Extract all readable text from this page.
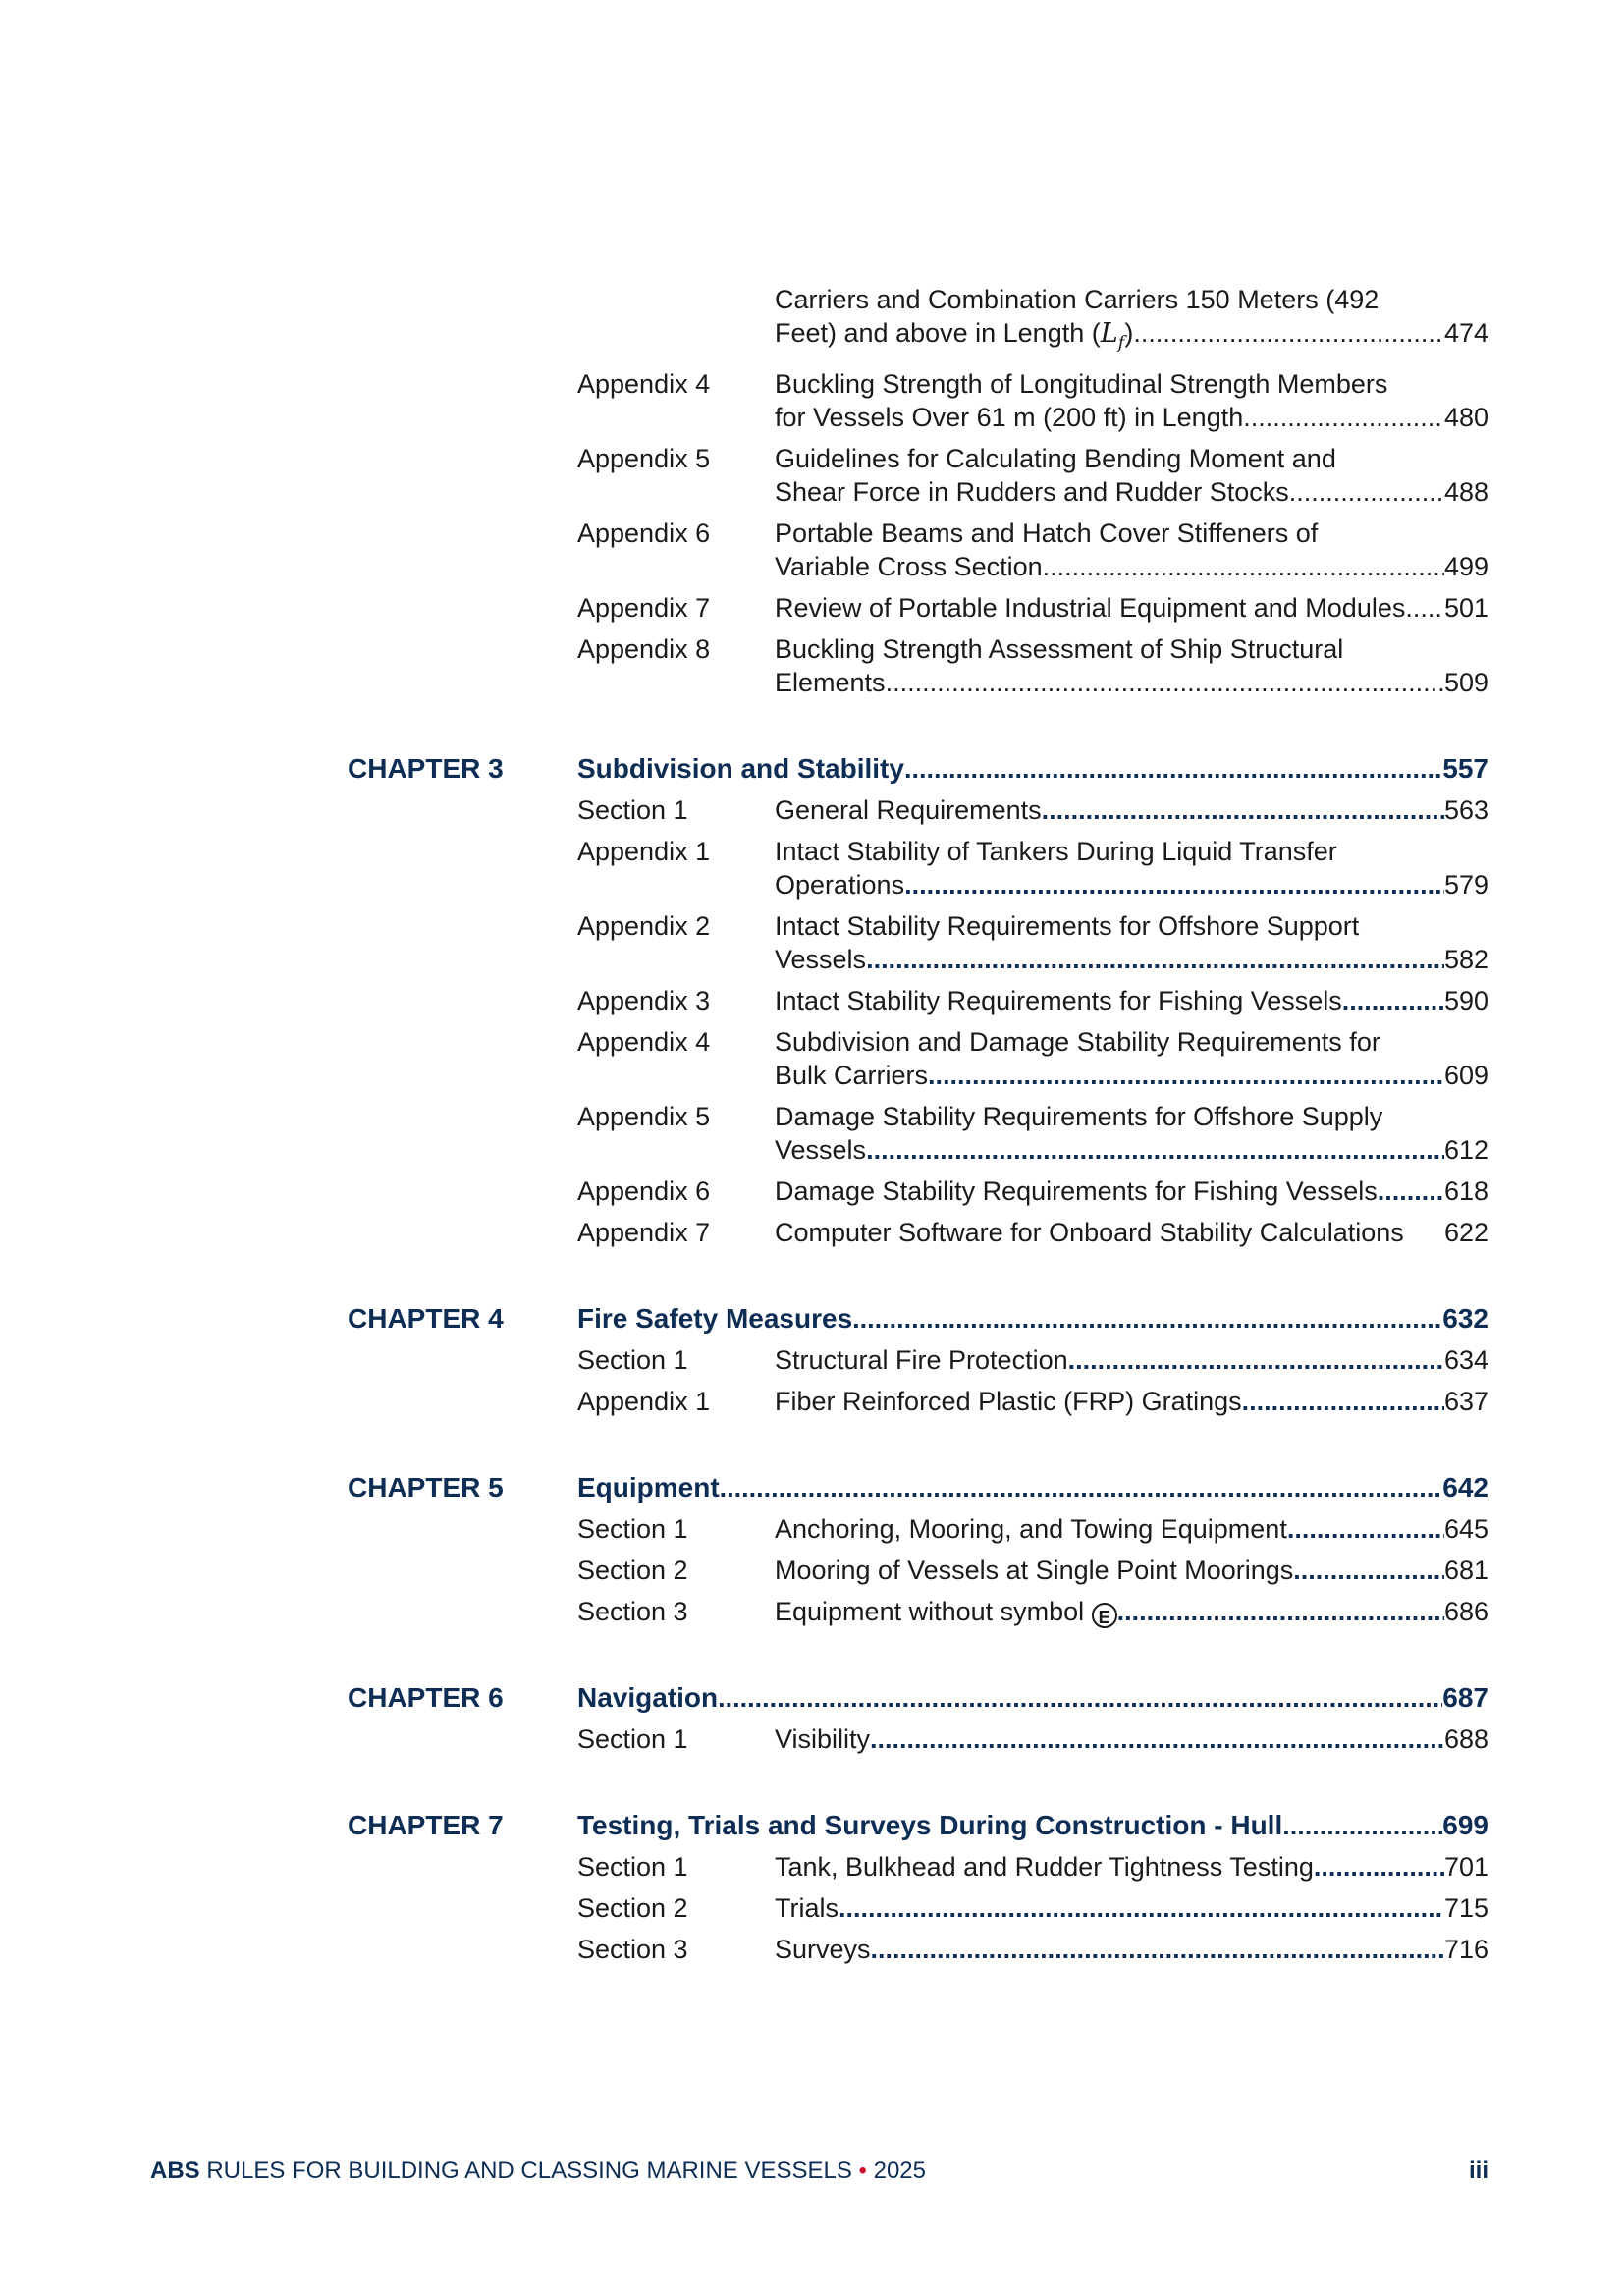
Carriers and Combination Carriers 150 Meters (492
Feet) and above in Length ( $L_f$ ) .....	474
Appendix 4	Buckling Strength of Longitudinal Strength Members
for Vessels Over 61 m (200 ft) in Length .....	480
Appendix 5	Guidelines for Calculating Bending Moment and
Shear Force in Rudders and Rudder Stocks .....	488
Appendix 6	Portable Beams and Hatch Cover Stiffeners of
Variable Cross Section .....	499
Appendix 7	Review of Portable Industrial Equipment and Modules. ..... 501
Appendix 8	Buckling Strength Assessment of Ship Structural
Elements .....	509
CHAPTER 3	Subdivision and Stability .....	557
Section 1	General Requirements .....	563
Appendix 1	Intact Stability of Tankers During Liquid Transfer
Operations .....	579
Appendix 2	Intact Stability Requirements for Offshore Support
Vessels .....	582
Appendix 3	Intact Stability Requirements for Fishing Vessels .....	590
Appendix 4	Subdivision and Damage Stability Requirements for
Bulk Carriers .....	609
Appendix 5	Damage Stability Requirements for Offshore Supply
Vessels .....	612
Appendix 6	Damage Stability Requirements for Fishing Vessels .....	618
Appendix 7	Computer Software for Onboard Stability Calculations 622
CHAPTER 4	Fire Safety Measures .....	632
Section 1	Structural Fire Protection .....	634
Appendix 1	Fiber Reinforced Plastic (FRP) Gratings .....	637
CHAPTER 5	Equipment .....	642
Section 1	Anchoring, Mooring, and Towing Equipment .....	645
Section 2	Mooring of Vessels at Single Point Moorings .....	681
Section 3	Equipment without symbol E .....	686
CHAPTER 6	Navigation .....	687
Section 1	Visibility .....	688
CHAPTER 7	Testing, Trials and Surveys During Construction - Hull .....	699
Section 1	Tank, Bulkhead and Rudder Tightness Testing .....	701
Section 2	Trials .....	715
Section 3	Surveys .....	716
ABS RULES FOR BUILDING AND CLASSING MARINE VESSELS • 2025	iii
